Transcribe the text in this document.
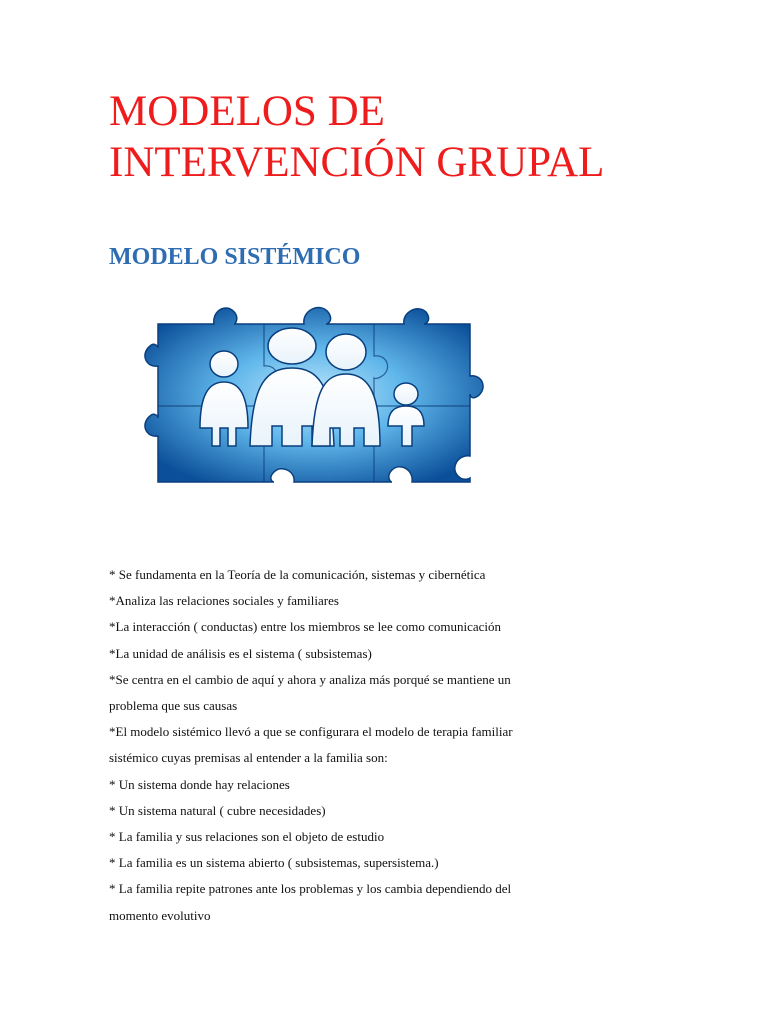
MODELOS DE
INTERVENCIÓN GRUPAL
MODELO SISTÉMICO

* Se fundamenta en la Teoría de la comunicación, sistemas y cibernética

*Analiza las relaciones sociales y familiares

*La interacción ( conductas) entre los miembros se lee como comunicación

*La unidad de análisis es el sistema ( subsistemas)

*Se centra en el cambio de aquí y ahora y analiza más porqué se mantiene un

problema que sus causas

*El modelo sistémico llevó a que se configurara el modelo de terapia familiar

sistémico cuyas premisas al entender a la familia son:

* Un sistema donde hay relaciones

* Un sistema natural ( cubre necesidades)

* La familia y sus relaciones son el objeto de estudio

* La familia es un sistema abierto ( subsistemas, supersistema.)

* La familia repite patrones ante los problemas y los cambia dependiendo del

momento evolutivo
